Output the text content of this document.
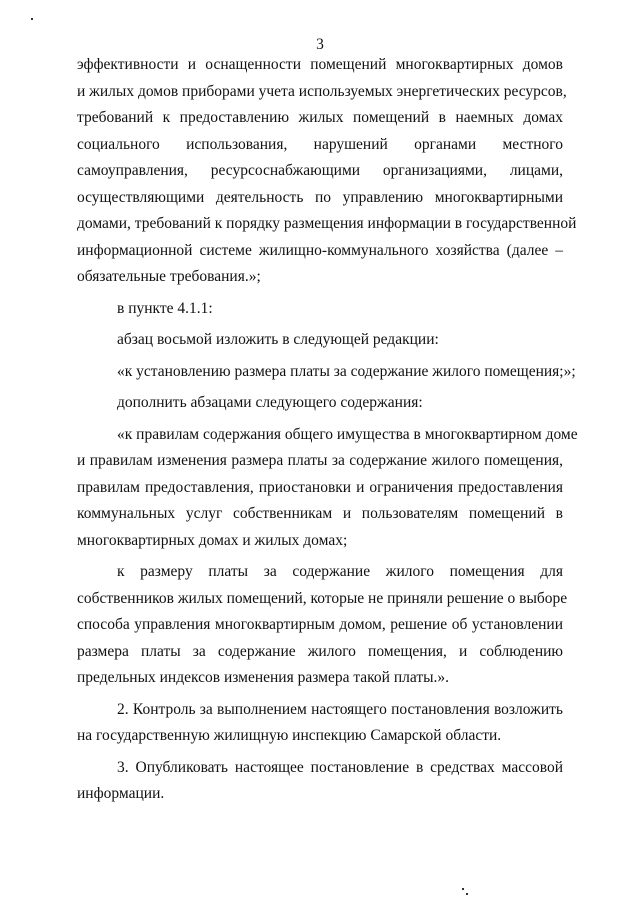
3
эффективности и оснащенности помещений многоквартирных домов
и жилых домов приборами учета используемых энергетических ресурсов,
требований к предоставлению жилых помещений в наемных домах
социального использования, нарушений органами местного
самоуправления, ресурсоснабжающими организациями, лицами,
осуществляющими деятельность по управлению многоквартирными
домами, требований к порядку размещения информации в государственной
информационной системе жилищно-коммунального хозяйства (далее –
обязательные требования.»;
в пункте 4.1.1:
абзац восьмой изложить в следующей редакции:
«к установлению размера платы за содержание жилого помещения;»;
дополнить абзацами следующего содержания:
«к правилам содержания общего имущества в многоквартирном доме
и правилам изменения размера платы за содержание жилого помещения,
правилам предоставления, приостановки и ограничения предоставления
коммунальных услуг собственникам и пользователям помещений в
многоквартирных домах и жилых домах;
к размеру платы за содержание жилого помещения для
собственников жилых помещений, которые не приняли решение о выборе
способа управления многоквартирным домом, решение об установлении
размера платы за содержание жилого помещения, и соблюдению
предельных индексов изменения размера такой платы.».
2. Контроль за выполнением настоящего постановления возложить
на государственную жилищную инспекцию Самарской области.
3. Опубликовать настоящее постановление в средствах массовой
информации.
